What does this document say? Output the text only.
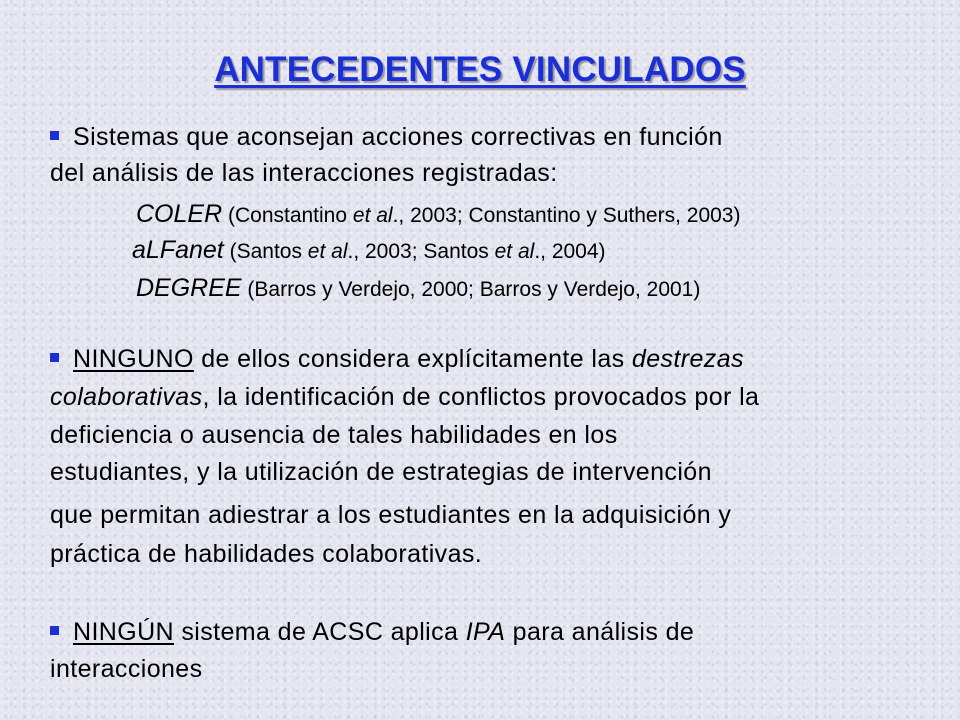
ANTECEDENTES VINCULADOS
Sistemas que aconsejan acciones correctivas en función
del análisis de las interacciones registradas:
COLER (Constantino et al., 2003; Constantino y Suthers, 2003)
aLFanet (Santos et al., 2003; Santos et al., 2004)
DEGREE (Barros y Verdejo, 2000; Barros y Verdejo, 2001)
NINGUNO de ellos considera explícitamente las destrezas
colaborativas, la identificación de conflictos provocados por la
deficiencia o ausencia de tales habilidades en los
estudiantes, y la utilización de estrategias de intervención
que permitan adiestrar a los estudiantes en la adquisición y
práctica de habilidades colaborativas.
NINGÚN sistema de ACSC aplica IPA para análisis de
interacciones
